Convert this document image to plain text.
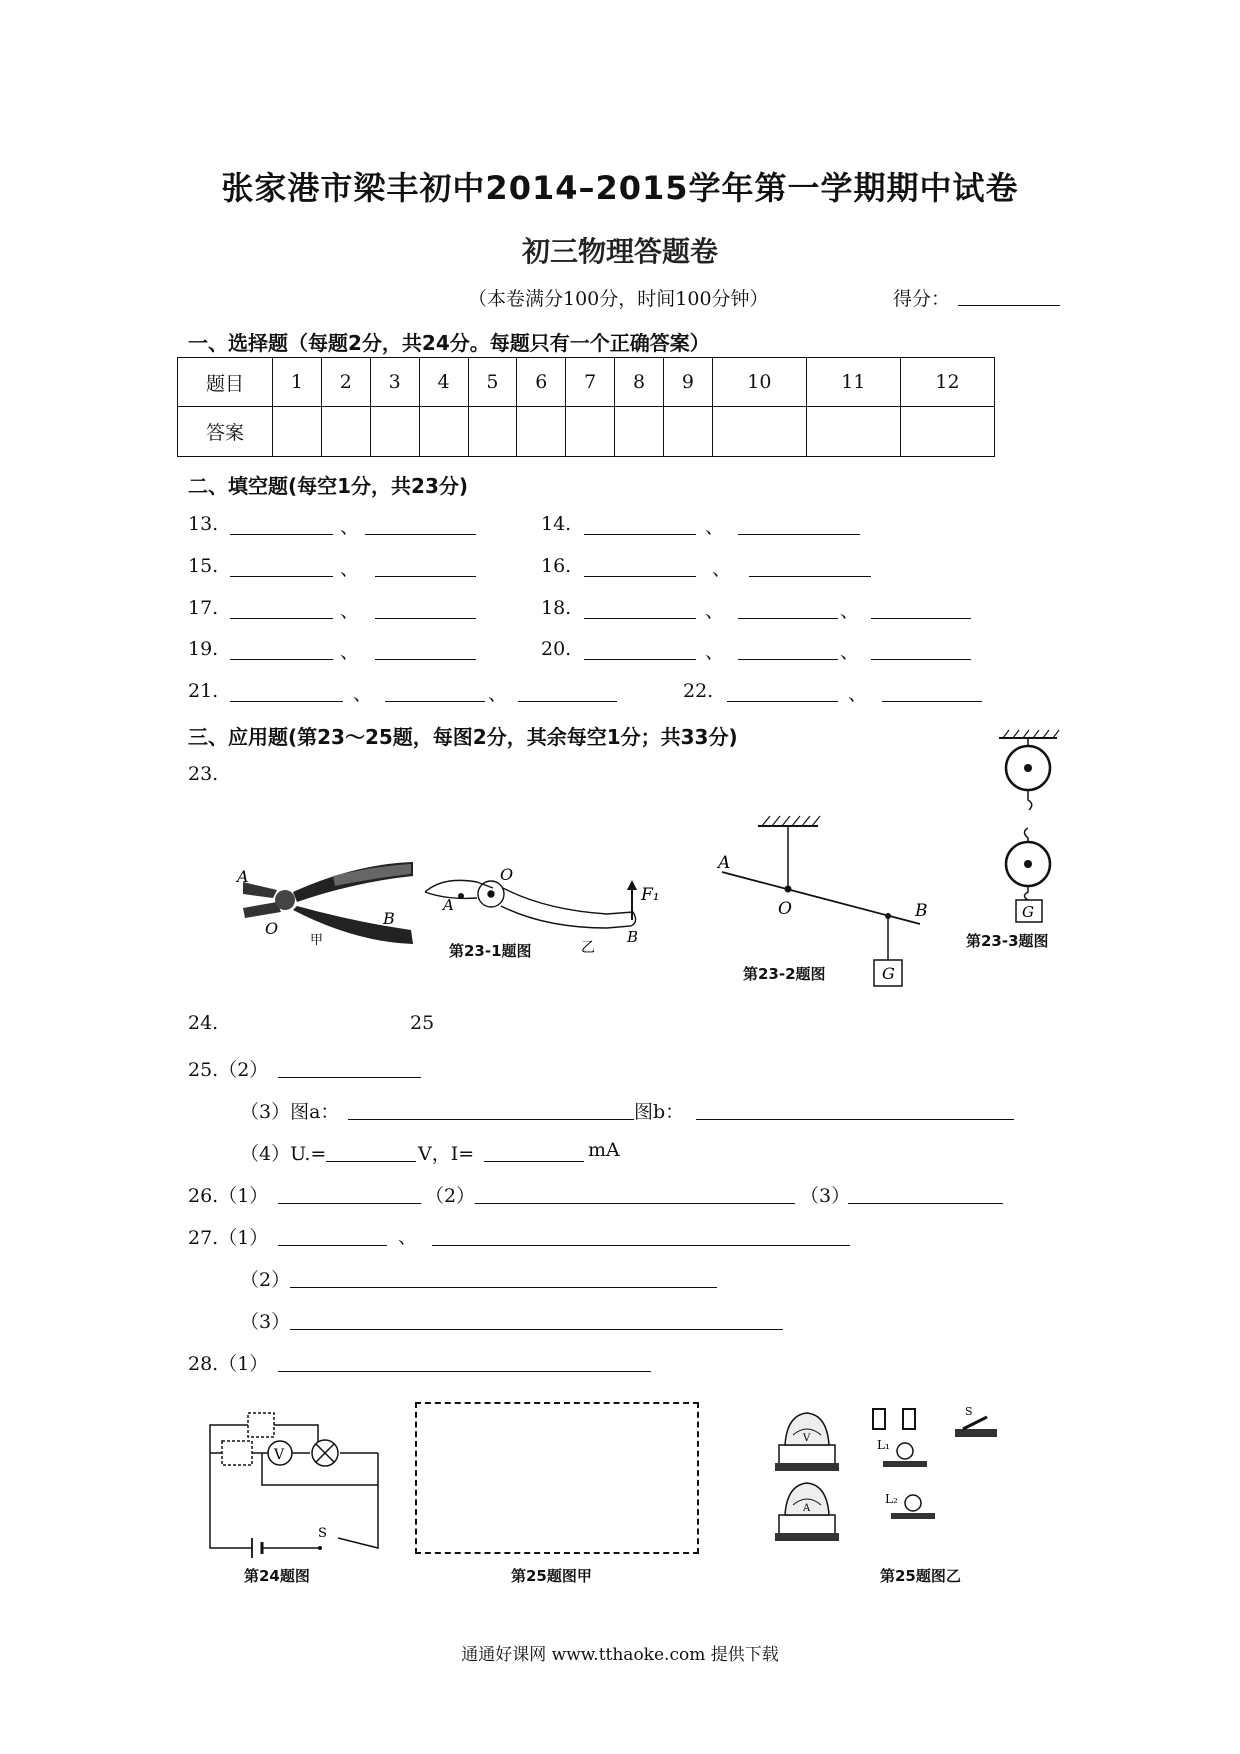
张家港市梁丰初中2014–2015学年第一学期期中试卷
初三物理答题卷
（本卷满分100分，时间100分钟）	得分：
一、选择题（每题2分，共24分。每题只有一个正确答案）
题目	1	2	3	4	5	6	7	8	9	10	11	12
答案												
二、填空题(每空1分，共23分)
13.	、	14.	、
15.	、	16.	、
17.	、	18.	、	、
19.	、	20.	、	、
21.	、	、	22.	、
三、应用题(第23～25题，每图2分，其余每空1分；共33分)
23.
A
O
B
甲
A
O
F₁
B
乙
第23-1题图
G
A
O	B
第23-2题图
G
第23-3题图
24.	25
25.（2）
（3）图a：	图b：
（4）U.=	V，I=	mA
26.（1）	（2）	（3）
27.（1）	、
（2）
（3）
28.（1）
V
S
第24题图	第25题图甲
V
A
S
L₁
L₂
第25题图乙
通通好课网 www.tthaoke.com 提供下载
